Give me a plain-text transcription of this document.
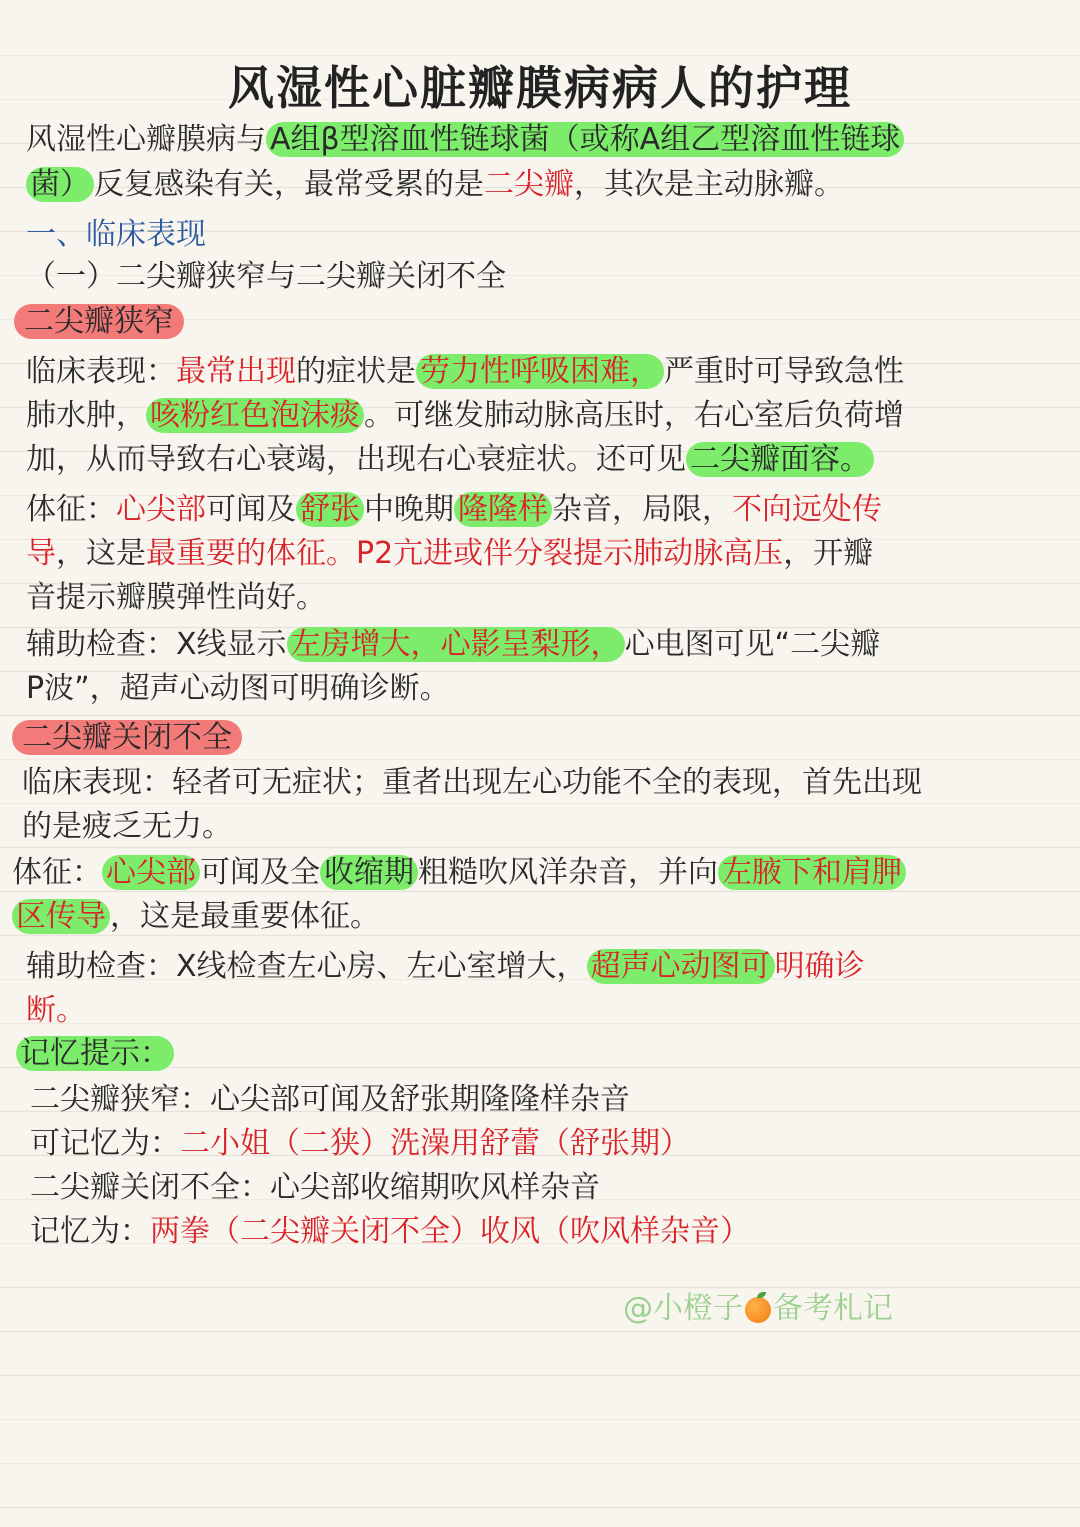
风湿性心脏瓣膜病病人的护理
风湿性心瓣膜病与 A组β型溶血性链球菌（或称A组乙型溶血性链球
菌） 反复感染有关，最常受累的是二尖瓣，其次是主动脉瓣。
一、临床表现
（一）二尖瓣狭窄与二尖瓣关闭不全
二尖瓣狭窄
临床表现：最常出现的症状是 劳力性呼吸困难， 严重时可导致急性
肺水肿， 咳粉红色泡沫痰 。可继发肺动脉高压时，右心室后负荷增
加，从而导致右心衰竭，出现右心衰症状。还可见 二尖瓣面容。
体征：心尖部可闻及 舒张 中晚期 隆隆样 杂音，局限，不向远处传
导，这是最重要的体征。P2亢进或伴分裂提示肺动脉高压，开瓣
音提示瓣膜弹性尚好。
辅助检查：X线显示 左房增大，心影呈梨形， 心电图可见“二尖瓣
P波”，超声心动图可明确诊断。
二尖瓣关闭不全
临床表现：轻者可无症状；重者出现左心功能不全的表现，首先出现
的是疲乏无力。
体征： 心尖部 可闻及全 收缩期 粗糙吹风洋杂音，并向 左腋下和肩胛
区传导 ，这是最重要体征。
辅助检查：X线检查左心房、左心室增大， 超声心动图可 明确诊
断。
记忆提示：
二尖瓣狭窄：心尖部可闻及舒张期隆隆样杂音
可记忆为：二小姐（二狭）洗澡用舒蕾（舒张期）
二尖瓣关闭不全：心尖部收缩期吹风样杂音
记忆为：两拳（二尖瓣关闭不全）收风（吹风样杂音）
@小橙子 备考札记
